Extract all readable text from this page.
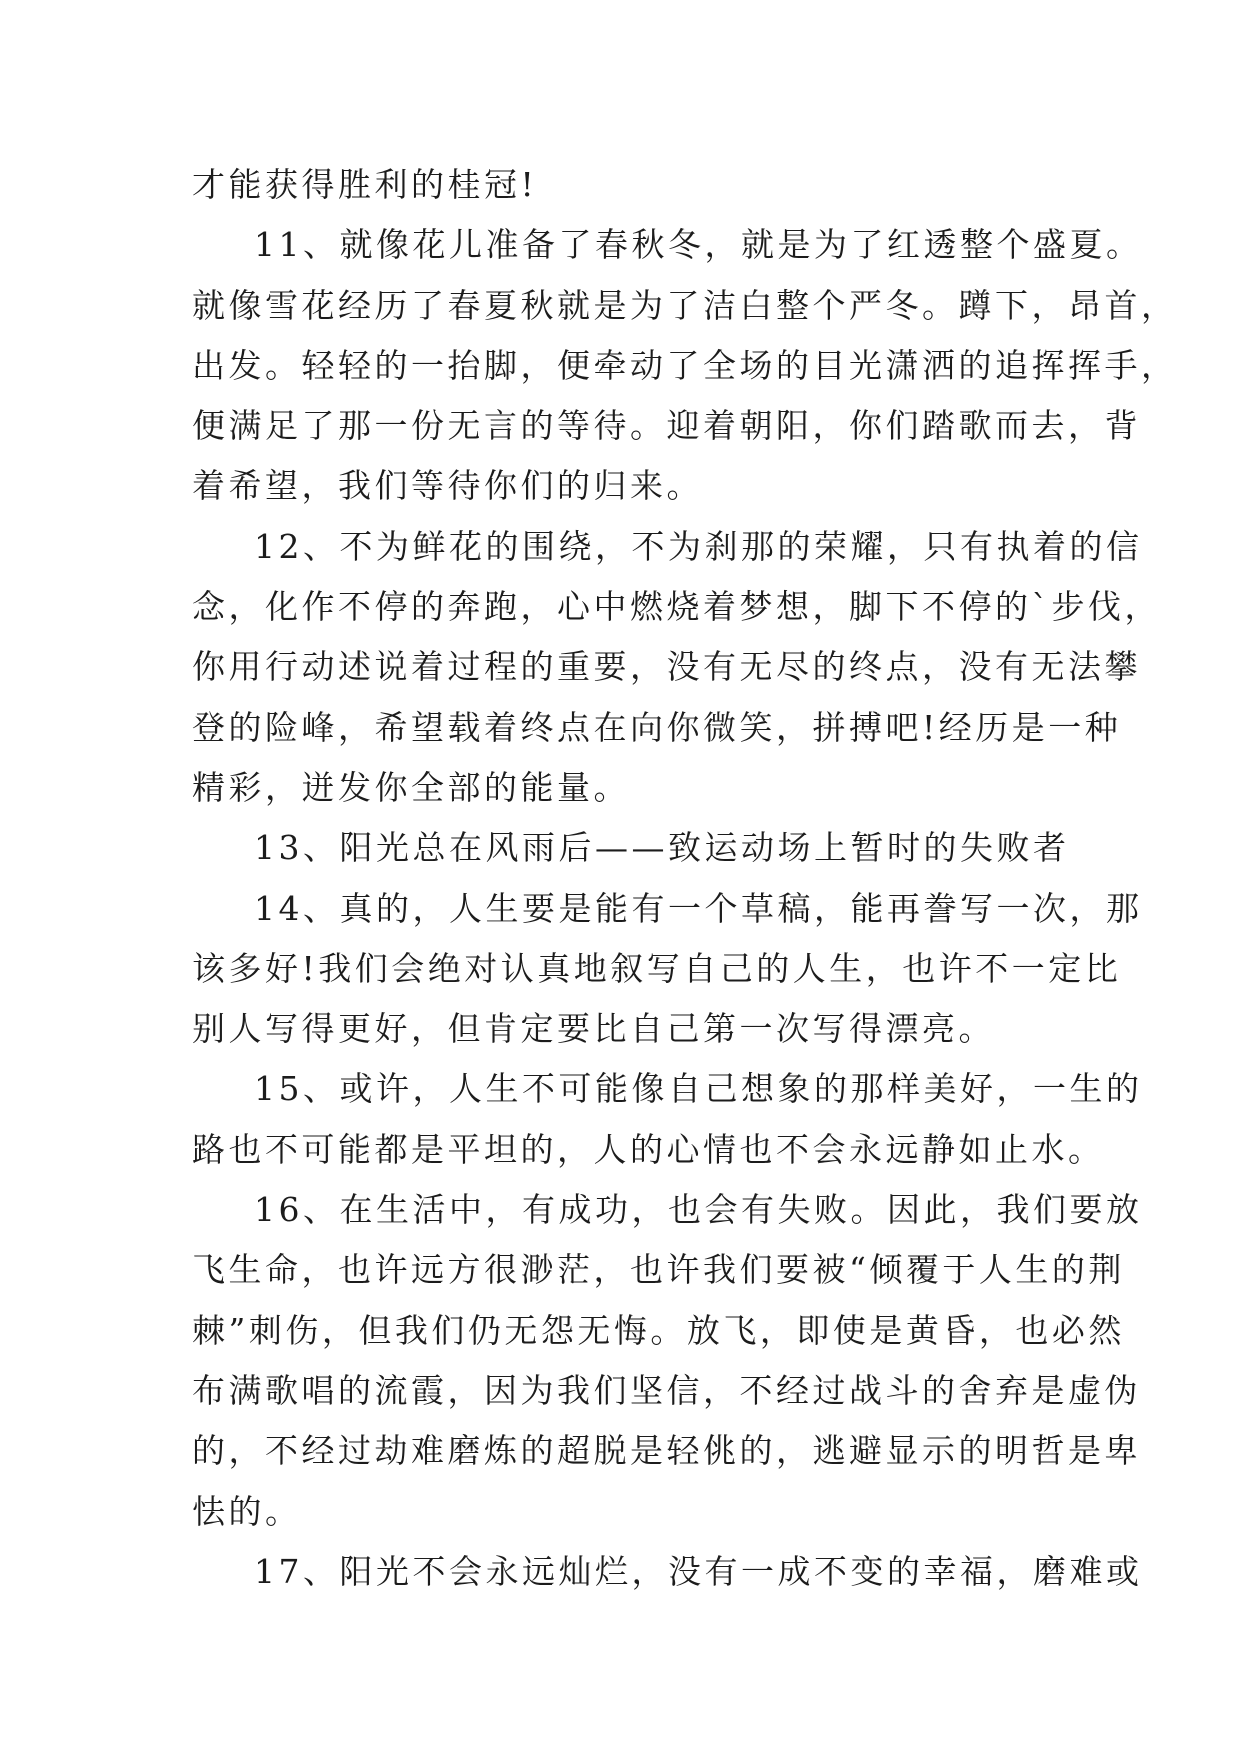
才能获得胜利的桂冠!
11、就像花儿准备了春秋冬，就是为了红透整个盛夏。
就像雪花经历了春夏秋就是为了洁白整个严冬。蹲下，昂首，
出发。轻轻的一抬脚，便牵动了全场的目光潇洒的追挥挥手，
便满足了那一份无言的等待。迎着朝阳，你们踏歌而去，背
着希望，我们等待你们的归来。
12、不为鲜花的围绕，不为刹那的荣耀，只有执着的信
念，化作不停的奔跑，心中燃烧着梦想，脚下不停的`步伐，
你用行动述说着过程的重要，没有无尽的终点，没有无法攀
登的险峰，希望载着终点在向你微笑，拼搏吧!经历是一种
精彩，迸发你全部的能量。
13、阳光总在风雨后——致运动场上暂时的失败者
14、真的，人生要是能有一个草稿，能再誊写一次，那
该多好!我们会绝对认真地叙写自己的人生，也许不一定比
别人写得更好，但肯定要比自己第一次写得漂亮。
15、或许，人生不可能像自己想象的那样美好，一生的
路也不可能都是平坦的，人的心情也不会永远静如止水。
16、在生活中，有成功，也会有失败。因此，我们要放
飞生命，也许远方很渺茫，也许我们要被“倾覆于人生的荆
棘”刺伤，但我们仍无怨无悔。放飞，即使是黄昏，也必然
布满歌唱的流霞，因为我们坚信，不经过战斗的舍弃是虚伪
的，不经过劫难磨炼的超脱是轻佻的，逃避显示的明哲是卑
怯的。
17、阳光不会永远灿烂，没有一成不变的幸福，磨难或
